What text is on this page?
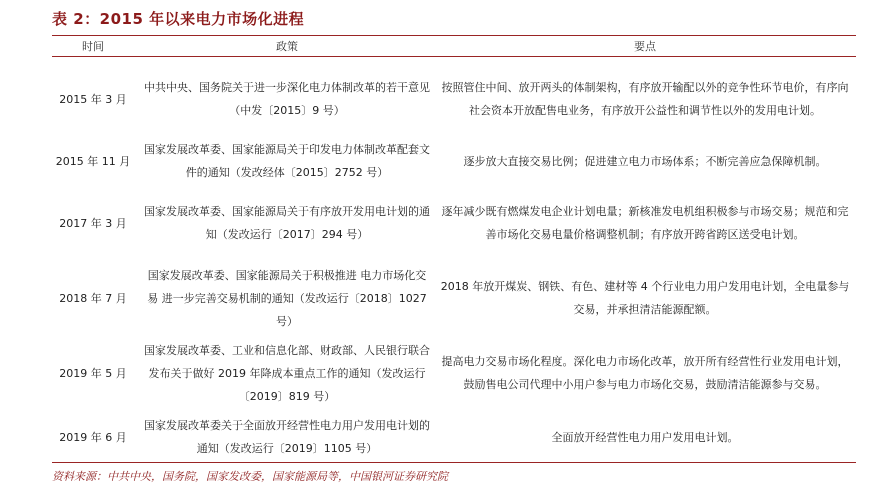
表 2：2015 年以来电力市场化进程
时间	政策	要点
2015 年 3 月
中共中央、国务院关于进一步深化电力体制改革的若干意见（中发〔2015〕9 号）
按照管住中间、放开两头的体制架构，有序放开输配以外的竞争性环节电价，有序向社会资本开放配售电业务，有序放开公益性和调节性以外的发用电计划。
2015 年 11 月
国家发展改革委、国家能源局关于印发电力体制改革配套文件的通知（发改经体〔2015〕2752 号）
逐步放大直接交易比例；促进建立电力市场体系；不断完善应急保障机制。
2017 年 3 月
国家发展改革委、国家能源局关于有序放开发用电计划的通知（发改运行〔2017〕294 号）
逐年减少既有燃煤发电企业计划电量；新核准发电机组积极参与市场交易；规范和完善市场化交易电量价格调整机制；有序放开跨省跨区送受电计划。
2018 年 7 月
国家发展改革委、国家能源局关于积极推进 电力市场化交易 进一步完善交易机制的通知（发改运行〔2018〕1027 号）
2018 年放开煤炭、钢铁、有色、建材等 4 个行业电力用户发用电计划，全电量参与交易，并承担清洁能源配额。
2019 年 5 月
国家发展改革委、工业和信息化部、财政部、人民银行联合发布关于做好 2019 年降成本重点工作的通知（发改运行〔2019〕819 号）
提高电力交易市场化程度。深化电力市场化改革，放开所有经营性行业发用电计划，鼓励售电公司代理中小用户参与电力市场化交易，鼓励清洁能源参与交易。
2019 年 6 月
国家发展改革委关于全面放开经营性电力用户发用电计划的通知（发改运行〔2019〕1105 号）
全面放开经营性电力用户发用电计划。
资料来源：中共中央，国务院，国家发改委，国家能源局等，中国银河证券研究院
